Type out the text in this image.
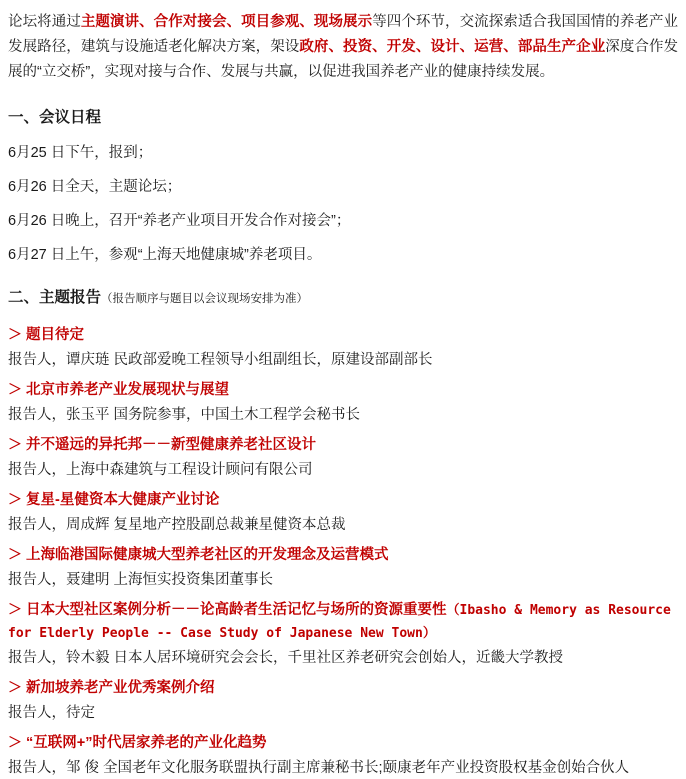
论坛将通过主题演讲、合作对接会、项目参观、现场展示等四个环节，交流探索适合我国国情的养老产业发展路径，建筑与设施适老化解决方案，架设政府、投资、开发、设计、运营、部品生产企业深度合作发展的“立交桥”，实现对接与合作、发展与共赢，以促进我国养老产业的健康持续发展。

一、会议日程

6月25 日下午，报到；

6月26 日全天，主题论坛；

6月26 日晚上，召开“养老产业项目开发合作对接会”；

6月27 日上午，参观“上海天地健康城”养老项目。

二、主题报告（报告顺序与题目以会议现场安排为准）
＞ 题目待定

报告人，谭庆琏 民政部爱晚工程领导小组副组长，原建设部副部长

＞ 北京市养老产业发展现状与展望

报告人，张玉平 国务院参事，中国土木工程学会秘书长

＞ 并不遥远的异托邦－－新型健康养老社区设计

报告人，上海中森建筑与工程设计顾问有限公司

＞ 复星-星健资本大健康产业讨论

报告人，周成辉 复星地产控股副总裁兼星健资本总裁

＞ 上海临港国际健康城大型养老社区的开发理念及运营模式

报告人，聂建明 上海恒实投资集团董事长

＞ 日本大型社区案例分析－－论高龄者生活记忆与场所的资源重要性（Ibasho & Memory as Resource for Elderly People -- Case Study of Japanese New Town）

报告人，铃木毅 日本人居环境研究会会长，千里社区养老研究会创始人，近畿大学教授

＞ 新加坡养老产业优秀案例介绍

报告人，待定

＞ “互联网+”时代居家养老的产业化趋势

报告人，邹 俊 全国老年文化服务联盟执行副主席兼秘书长;颐康老年产业投资股权基金创始合伙人
